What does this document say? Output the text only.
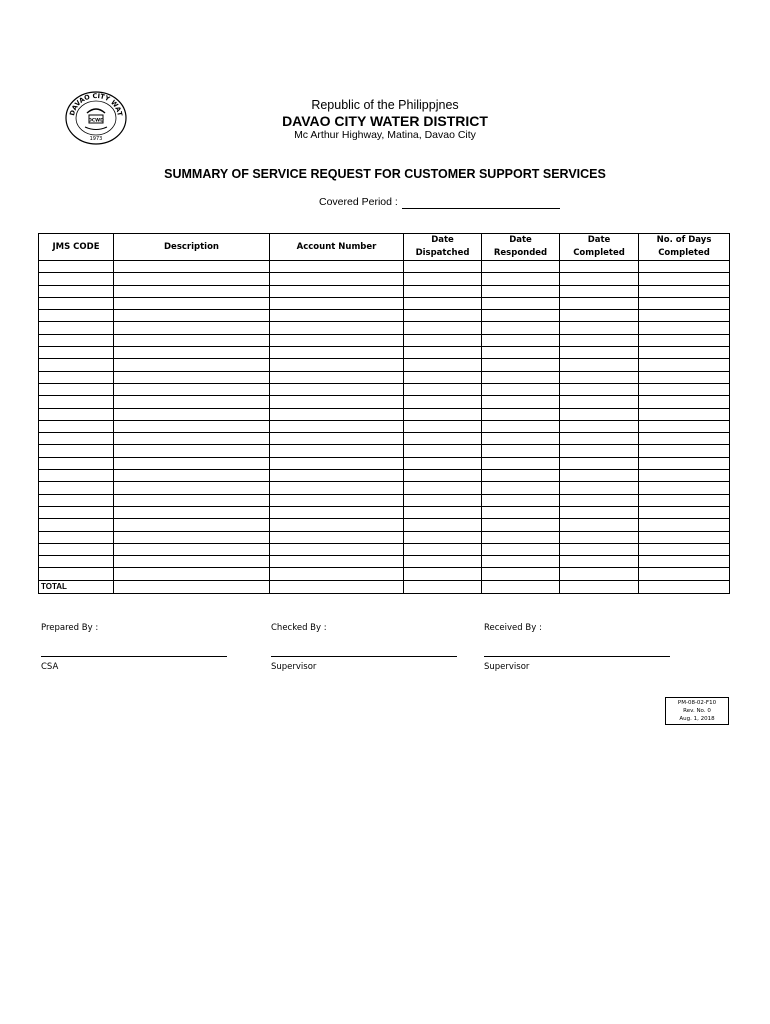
DAVAO CITY WAT
DCWD
1973
Republic of the Philippjnes
DAVAO CITY WATER DISTRICT
Mc Arthur Highway, Matina, Davao City
SUMMARY OF SERVICE REQUEST FOR CUSTOMER SUPPORT SERVICES
Covered Period :
JMS CODE	Description	Account Number	Date Dispatched	Date Responded	Date Completed	No. of Days Completed

TOTAL						
Prepared By :
CSA
Checked By :
Supervisor
Received By :
Supervisor
PM-08-02-F10
Rev. No. 0
Aug. 1, 2018
